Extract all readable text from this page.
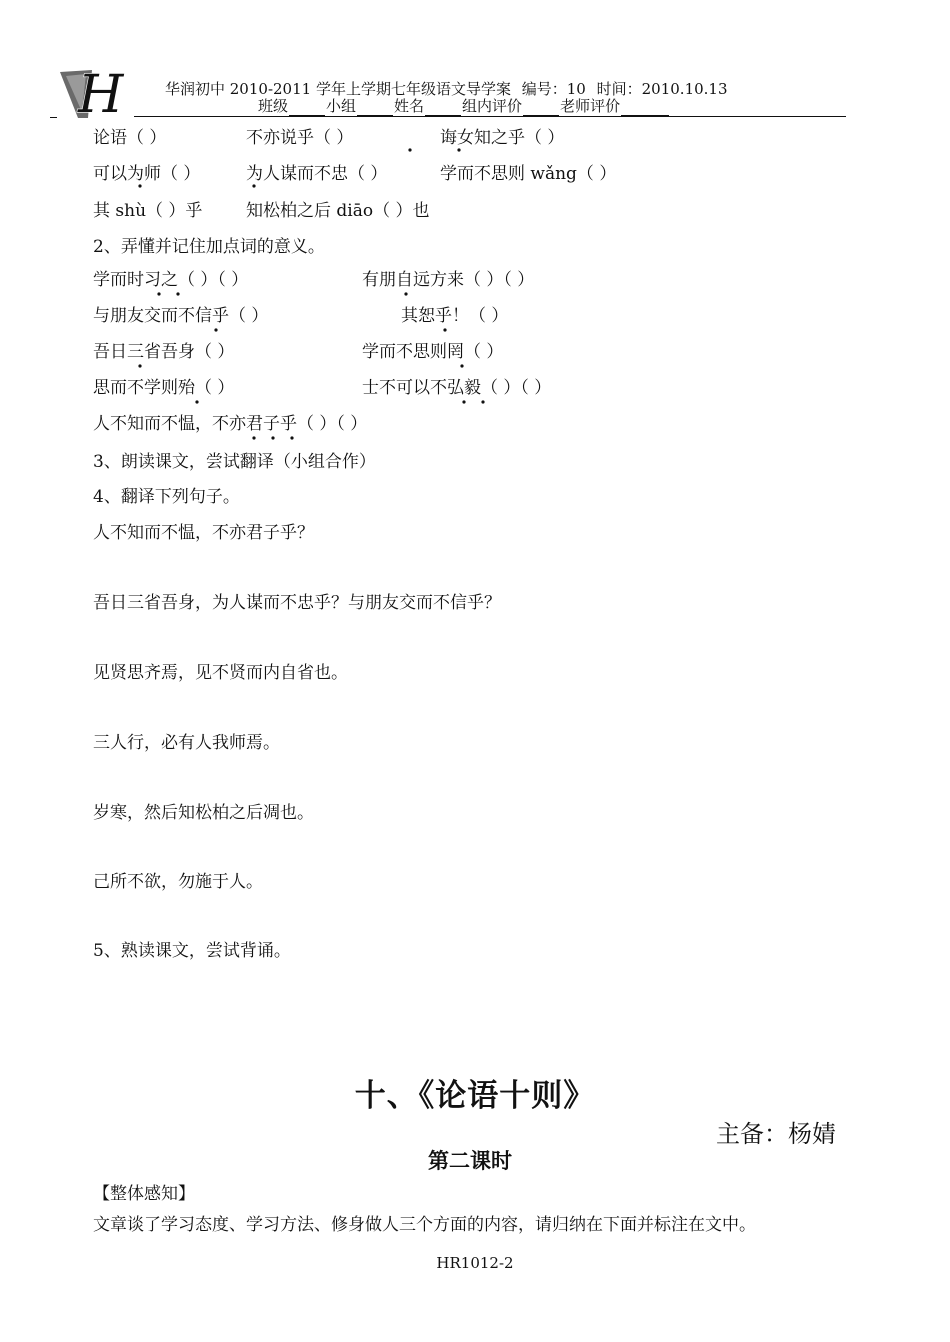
H	华润初中 2010-2011 学年上学期七年级语文导学案 编号：10 时间：2010.10.13
班级	小组	姓名	组内评价	老师评价
论语（ ）	不亦说乎（ ）	诲女知之乎（ ）
可以为师（ ）	为人谋而不忠（ ）	学而不思则 wǎng（ ）
其 shù（ ）乎	知松柏之后 diāo（ ）也
2、弄懂并记住加点词的意义。
学而时习之（ ）（ ）	有朋自远方来（ ）（ ）
与朋友交而不信乎（ ）	其恕乎！（ ）
吾日三省吾身（ ）	学而不思则罔（ ）
思而不学则殆（ ）	士不可以不弘毅（ ）（ ）
人不知而不愠，不亦君子乎（ ）（ ）
3、朗读课文，尝试翻译（小组合作）
4、翻译下列句子。
人不知而不愠，不亦君子乎？
吾日三省吾身，为人谋而不忠乎？与朋友交而不信乎？
见贤思齐焉，见不贤而内自省也。
三人行，必有人我师焉。
岁寒，然后知松柏之后凋也。
己所不欲，勿施于人。
5、熟读课文，尝试背诵。
十、《论语十则》
主备：杨婧
第二课时
【整体感知】
文章谈了学习态度、学习方法、修身做人三个方面的内容，请归纳在下面并标注在文中。
HR1012-2
